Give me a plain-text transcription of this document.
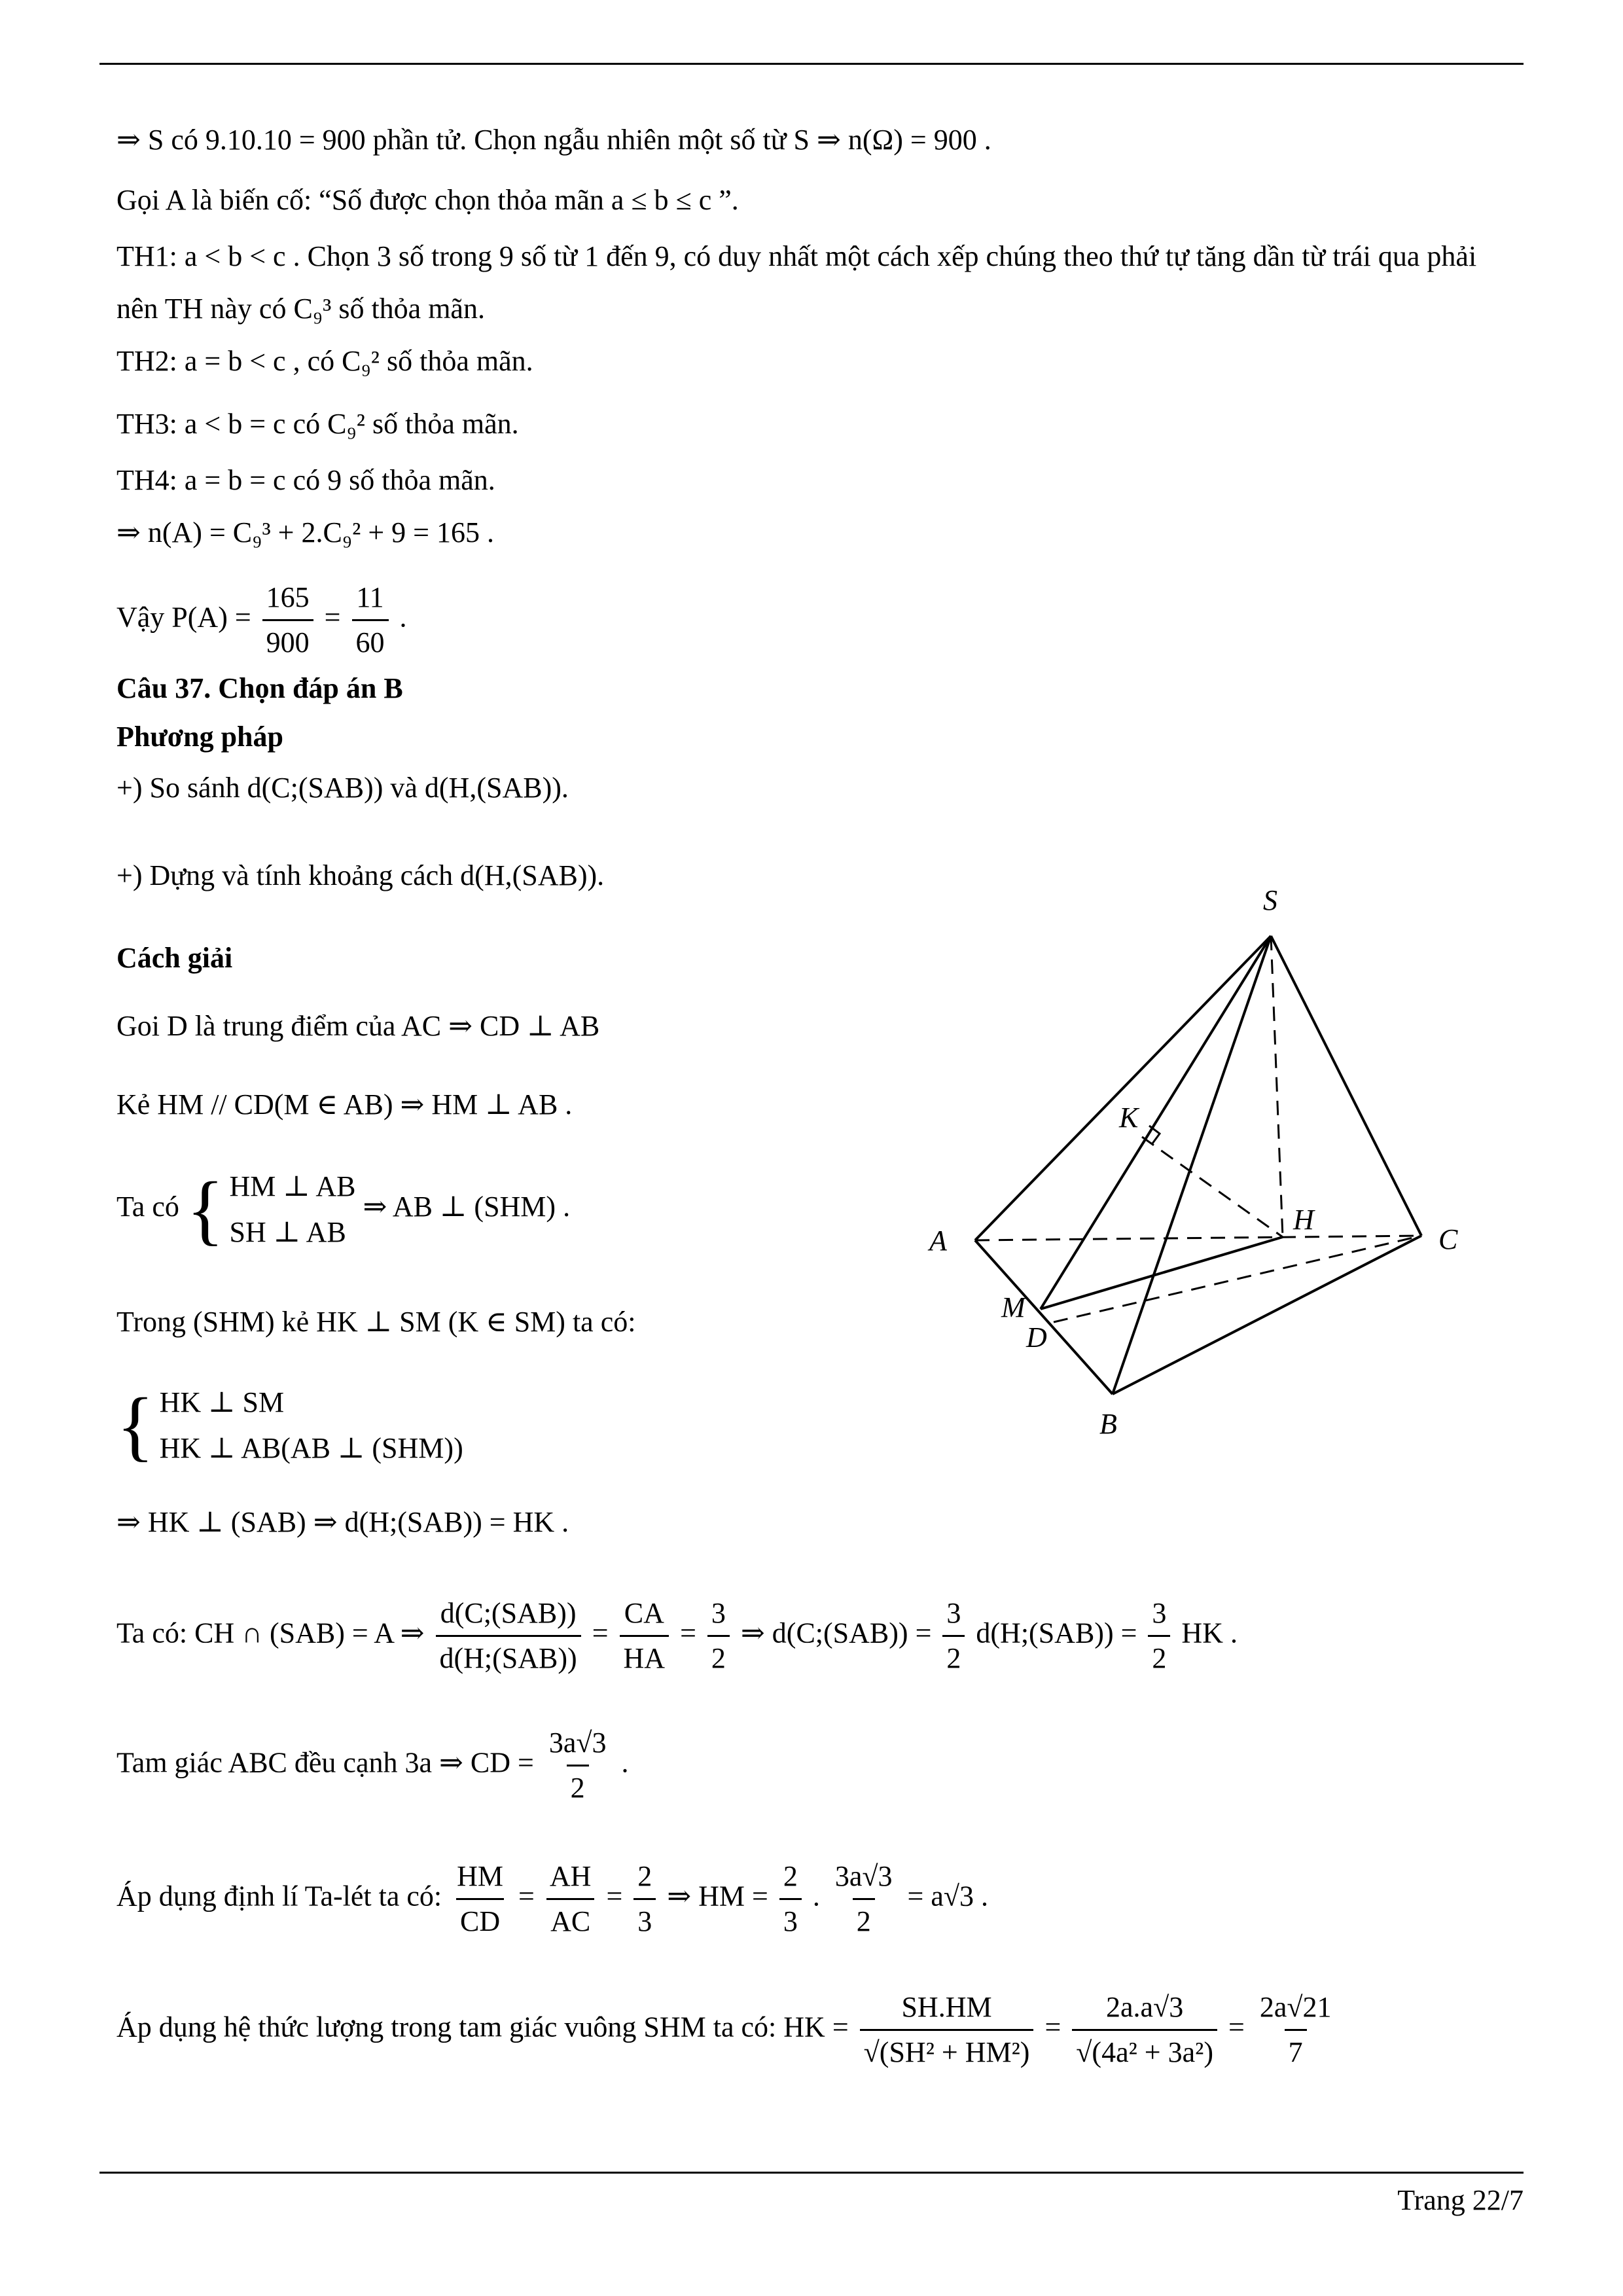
⇒ S có 9.10.10 = 900 phần tử. Chọn ngẫu nhiên một số từ S ⇒ n(Ω) = 900 .
Gọi A là biến cố: “Số được chọn thỏa mãn a ≤ b ≤ c ”.
TH1: a < b < c . Chọn 3 số trong 9 số từ 1 đến 9, có duy nhất một cách xếp chúng theo thứ tự tăng dần từ trái qua phải nên TH này có C₉³ số thỏa mãn.
TH2: a = b < c , có C₉² số thỏa mãn.
TH3: a < b = c có C₉² số thỏa mãn.
TH4: a = b = c có 9 số thỏa mãn.
⇒ n(A) = C₉³ + 2.C₉² + 9 = 165 .
Vậy $P(A) = \frac{165}{900} = \frac{11}{60}$ .
Câu 37. Chọn đáp án B
Phương pháp
+) So sánh d(C;(SAB)) và d(H,(SAB)).
+) Dựng và tính khoảng cách d(H,(SAB)).
Cách giải
Goi D là trung điểm của AC ⇒ CD ⊥ AB
Kẻ HM // CD(M ∈ AB) ⇒ HM ⊥ AB .
Ta có { HM ⊥ AB
SH ⊥ AB
⇒ AB ⊥ (SHM) .
Trong (SHM) kẻ HK ⊥ SM (K ∈ SM) ta có:
{ HK ⊥ SM
HK ⊥ AB(AB ⊥ (SHM))
⇒ HK ⊥ (SAB) ⇒ d(H;(SAB)) = HK .
Ta có: CH ∩ (SAB) = A ⇒ $\frac{\text{d(C;(SAB))}}{\text{d(H;(SAB))}} = \frac{CA}{HA} = \frac{3}{2}$ ⇒ d(C;(SAB)) = $\frac{3}{2}$ d(H;(SAB)) = $\frac{3}{2}$ HK .
Tam giác ABC đều cạnh 3a ⇒ CD = $\frac{3a√3}{2}$ .
Áp dụng định lí Ta-lét ta có: $\frac{HM}{CD} = \frac{AH}{AC} = \frac{2}{3}$ ⇒ HM = $\frac{2}{3}$ . $\frac{3a√3}{2} = a√3$ .
Áp dụng hệ thức lượng trong tam giác vuông SHM ta có: HK = $\frac{SH.HM}{\text{√(SH² + HM²)}} = \frac{2a.a√3}{\text{√(4a² + 3a²)}} = \frac{2a√21}{7}$
S
A
B
C
H
K
M
D
Trang 22/7
